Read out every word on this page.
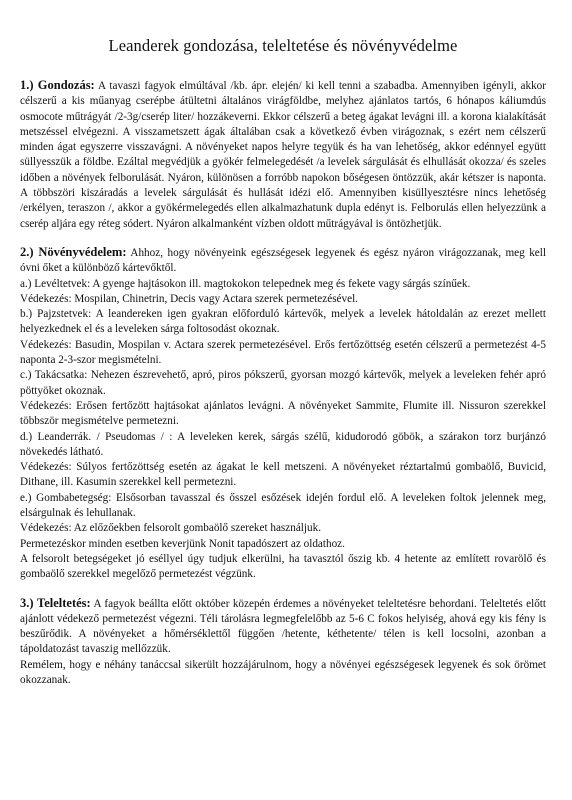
Leanderek gondozása, teleltetése és növényvédelme

1.) Gondozás: A tavaszi fagyok elmúltával /kb. ápr. elején/ ki kell tenni a szabadba. Amennyiben igényli, akkor célszerű a kis műanyag cserépbe átültetni általános virágföldbe, melyhez ajánlatos tartós, 6 hónapos káliumdús osmocote műtrágyát /2-3g/cserép liter/ hozzákeverni. Ekkor célszerű a beteg ágakat levágni ill. a korona kialakítását metszéssel elvégezni. A visszametszett ágak általában csak a következő évben virágoznak, s ezért nem célszerű minden ágat egyszerre visszavágni. A növényeket napos helyre tegyük és ha van lehetőség, akkor edénnyel együtt süllyesszük a földbe. Ezáltal megvédjük a gyökér felmelegedését /a levelek sárgulását és elhullását okozza/ és szeles időben a növények felborulását. Nyáron, különösen a forróbb napokon bőségesen öntözzük, akár kétszer is naponta. A többszöri kiszáradás a levelek sárgulását és hullását idézi elő. Amennyiben kisüllyesztésre nincs lehetőség /erkélyen, teraszon /, akkor a gyökérmelegedés ellen alkalmazhatunk dupla edényt is. Felborulás ellen helyezzünk a cserép aljára egy réteg sódert. Nyáron alkalmanként vízben oldott műtrágyával is öntözhetjük.

2.) Növényvédelem: Ahhoz, hogy növényeink egészségesek legyenek és egész nyáron virágozzanak, meg kell óvni őket a különböző kártevőktől.

a.) Levéltetvek: A gyenge hajtásokon ill. magtokokon telepednek meg és fekete vagy sárgás színűek.

Védekezés: Mospilan, Chinetrin, Decis vagy Actara szerek permetezésével.

b.) Pajzstetvek: A leandereken igen gyakran előforduló kártevők, melyek a levelek hátoldalán az erezet mellett helyezkednek el és a leveleken sárga foltosodást okoznak.

Védekezés: Basudin, Mospilan v. Actara szerek permetezésével. Erős fertőzöttség esetén célszerű a permetezést 4-5 naponta 2-3-szor megismételni.

c.) Takácsatka: Nehezen észrevehető, apró, piros pókszerű, gyorsan mozgó kártevők, melyek a leveleken fehér apró pöttyöket okoznak.

Védekezés: Erősen fertőzött hajtásokat ajánlatos levágni. A növényeket Sammite, Flumite ill. Nissuron szerekkel többször megismételve permetezni.

d.) Leanderrák. / Pseudomas / : A leveleken kerek, sárgás szélű, kidudorodó göbök, a szárakon torz burjánzó növekedés látható.

Védekezés: Súlyos fertőzöttség esetén az ágakat le kell metszeni. A növényeket réztartalmú gombaölő, Buvicid, Dithane, ill. Kasumin szerekkel kell permetezni.

e.) Gombabetegség: Elsősorban tavasszal és ősszel esőzések idején fordul elő. A leveleken foltok jelennek meg, elsárgulnak és lehullanak.

Védekezés: Az előzőekben felsorolt gombaölő szereket használjuk.

Permetezéskor minden esetben keverjünk Nonit tapadószert az oldathoz.

A felsorolt betegségeket jó eséllyel úgy tudjuk elkerülni, ha tavasztól őszig kb. 4 hetente az említett rovarölő és gombaölő szerekkel megelőző permetezést végzünk.

3.) Teleltetés: A fagyok beállta előtt október közepén érdemes a növényeket teleltetésre behordani. Teleltetés előtt ajánlott védekező permetezést végezni. Téli tárolásra legmegfelelőbb az 5-6 C fokos helyiség, ahová egy kis fény is beszűrődik. A növényeket a hőmérséklettől függően /hetente, kéthetente/ télen is kell locsolni, azonban a tápoldatozást tavaszig mellőzzük.

Remélem, hogy e néhány tanáccsal sikerült hozzájárulnom, hogy a növényei egészségesek legyenek és sok örömet okozzanak.
